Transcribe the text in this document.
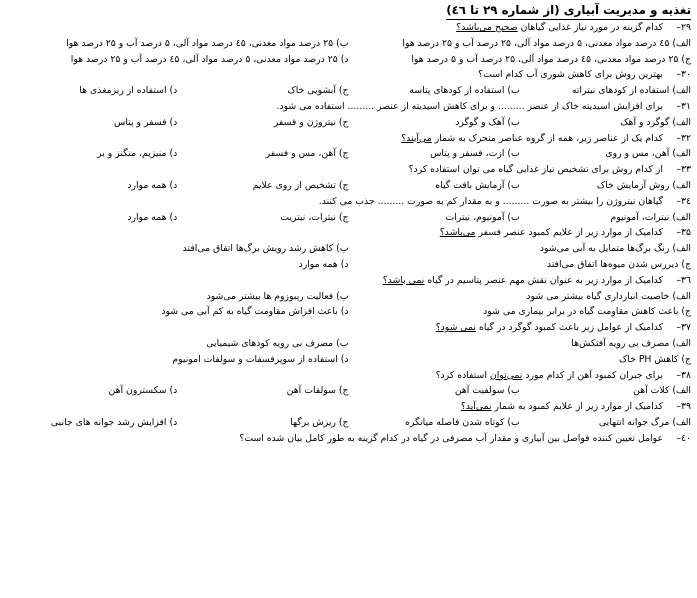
تغذیه و مدیریت آبیاری (از شماره ۲۹ تا ٤٦)
۲۹–کدام گزینه در مورد نیاز غذایی گیاهان صحیح می‌باشد؟
الف) ٤۵ درصد مواد معدنی، ۵ درصد مواد آلی، ۲۵ درصد آب و ۲۵ درصد هوا
ب) ۲۵ درصد مواد معدنی، ٤۵ درصد مواد آلی، ۵ درصد آب و ۲۵ درصد هوا
ج) ۲۵ درصد مواد معدنی، ٤۵ درصد مواد آلی، ۲۵ درصد آب و ۵ درصد هوا
د) ۲۵ درصد مواد معدنی، ۵ درصد مواد آلی، ٤۵ درصد آب و ۲۵ درصد هوا
۳۰–بهترین روش برای کاهش شوری آب کدام است؟
الف) استفاده از کودهای نیتراته
ب) استفاده از کودهای پتاسه
ج) آبشویی خاک
د) استفاده از ریزمغذی ها
۳۱–برای افزایش اسیدیته خاک از عنصر ......... و برای کاهش اسیدیته از عنصر ......... استفاده می شود.
الف) گوگرد و آهک
ب) آهک و گوگرد
ج) نیتروژن و فسفر
د) فسفر و پتاس
۳۲–کدام یک از عناصر زیر، همه از گروه عناصر متحرک به شمار می‌آیند؟
الف) آهن، مس و روی
ب) ازت، فسفر و پتاس
ج) آهن، مس و فسفر
د) منیزیم، منگنز و بر
۳۳–از کدام روش برای تشخیص نیاز غذایی گیاه می توان استفاده کرد؟
الف) روش آزمایش خاک
ب) آزمایش بافت گیاه
ج) تشخیص از روی علایم
د) همه موارد
۳٤–گیاهان نیتروژن را بیشتر به صورت ......... و به مقدار کم به صورت ......... جذب می کنند.
الف) نیترات، آمونیوم
ب) آمونیوم، نیترات
ج) نیترات، نیتریت
د) همه موارد
۳۵–کدامیک از موارد زیر از علایم کمبود عنصر فسفر می‌باشد؟
الف) رنگ برگ‌ها متمایل به آبی می‌شود
ب) کاهش رشد رویش برگ‌ها اتفاق می‌افتد
ج) دیررس شدن میوه‌ها اتفاق می‌افتد
د) همه موارد
۳٦–کدامیک از موارد زیر به عنوان نقش مهم عنصر پتاسیم در گیاه نمی باشد؟
الف) خاصیت انبارداری گیاه بیشتر می شود
ب) فعالیت ریبوزوم ها بیشتر می‌شود
ج) باعث کاهش مقاومت گیاه در برابر بیماری می شود
د) باعث افزاش مقاومت گیاه به کم آبی می شود
۳۷–کدامیک از عوامل زیر باعث کمبود گوگرد در گیاه نمی شود؟
الف) مصرف بی رویه آفتکش‌ها
ب) مصرف بی رویه کودهای شیمیایی
ج) کاهش PH خاک
د) استفاده از سوپرفسفات و سولفات امونیوم
۳۸–برای جبران کمبود آهن از کدام مورد نمی‌توان استفاده کرد؟
الف) کلات آهن
ب) سولفیت آهن
ج) سولفات آهن
د) سکسترون آهن
۳۹–کدامیک از موارد زیر از علایم کمبود به شمار نمی‌آید؟
الف) مرگ جوانه انتهایی
ب) کوتاه شدن فاصله میانگره
ج) ریزش برگها
د) افزایش رشد جوانه های جانبی
٤۰–عوامل تعیین کننده فواصل بین آبیاری و مقدار آب مصرفی در گیاه در کدام گزینه به طور کامل بیان شده است؟
